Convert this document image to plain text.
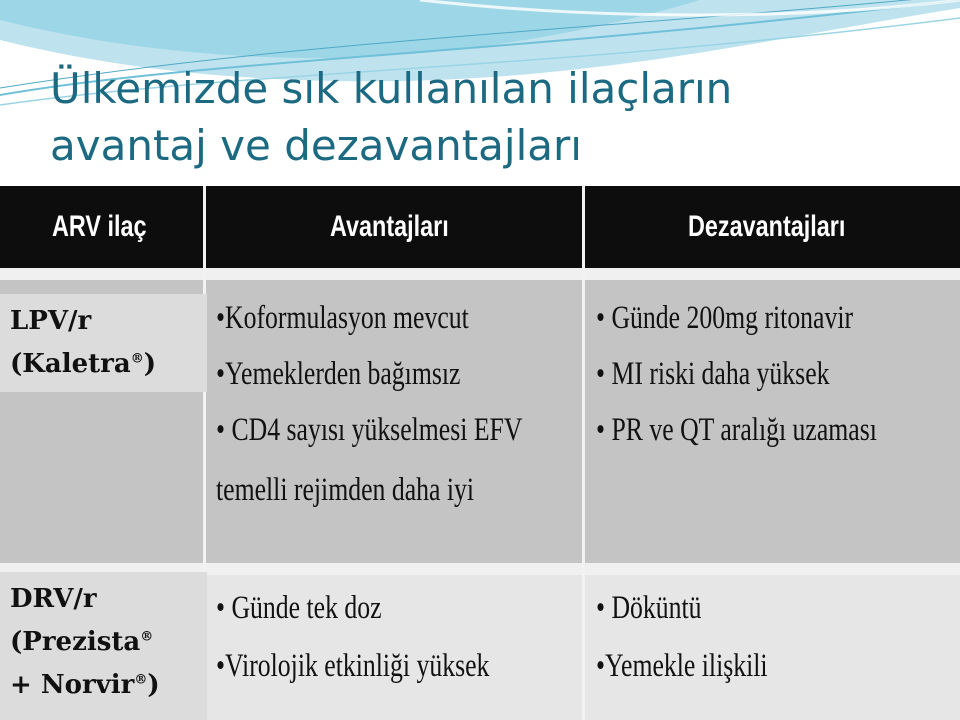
Ülkemizde sık kullanılan ilaçların
avantaj ve dezavantajları
ARV ilaç	Avantajları	Dezavantajları
LPV/r
(Kaletra®)
•Koformulasyon mevcut
•Yemeklerden bağımsız
• CD4 sayısı yükselmesi EFV
temelli rejimden daha iyi
• Günde 200mg ritonavir
• MI riski daha yüksek
• PR ve QT aralığı uzaması
DRV/r
(Prezista®
+ Norvir®)
• Günde tek doz
•Virolojik etkinliği yüksek
• Döküntü
•Yemekle ilişkili
